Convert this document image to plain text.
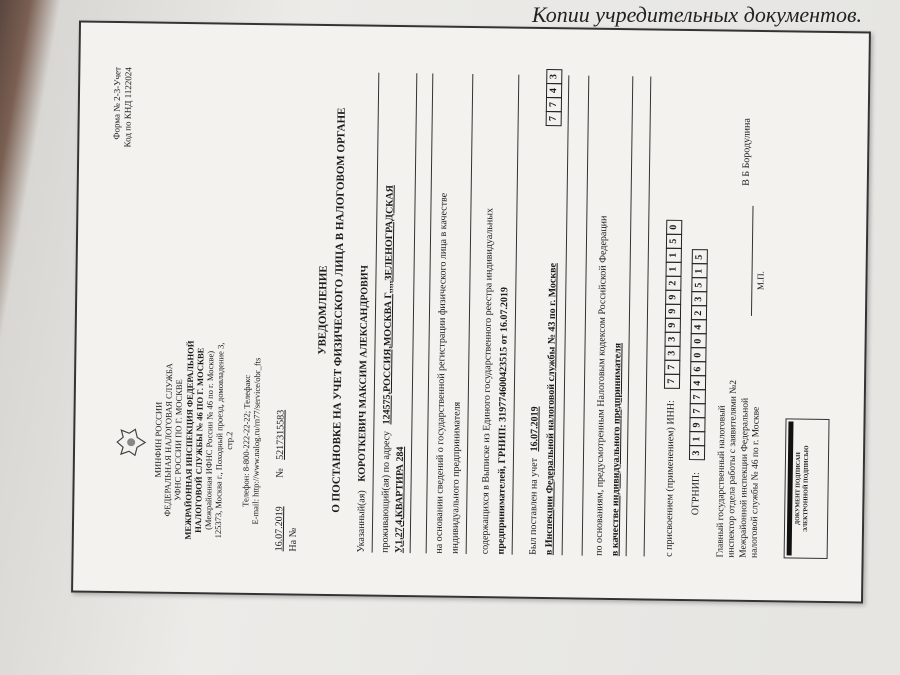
Копии учредительных документов.
Форма № 2-3-Учет Код по КНД 1122024
МИНФИН РОССИИ
ФЕДЕРАЛЬНАЯ НАЛОГОВАЯ СЛУЖБА
УФНС РОССИИ ПО Г. МОСКВЕ
МЕЖРАЙОННАЯ ИНСПЕКЦИЯ ФЕДЕРАЛЬНОЙ
НАЛОГОВОЙ СЛУЖБЫ № 46 ПО Г. МОСКВЕ
(Межрайонная ИФНС России № 46 по г. Москве)
125373, Москва г., Походный проезд, домовладение 3,
стр.2 Телефон: 8-800-222-22-22; Телефакс
E-mail: http://www.nalog.ru/rn77/service/obr_fts
16.07.2019 № 5217315583
На №
УВЕДОМЛЕНИЕ О ПОСТАНОВКЕ НА УЧЕТ ФИЗИЧЕСКОГО ЛИЦА В НАЛОГОВОМ ОРГАНЕ
Указанный(ая) КОРОТКЕВИЧ МАКСИМ АЛЕКСАНДРОВИЧ
проживающий(ая) по адресу 124575,РОССИЯ,МОСКВА Г,,,,,ЗЕЛЕНОГРАДСКАЯ
У,1,27,4,КВАРТИРА 284	на основании сведений о государственной регистрации физического лица в качестве индивидуального предпринимателя содержащихся в Выписке из Единого государственного реестра индивидуальных предпринимателей, ГРНИП: 319774600423515 от 16.07.2019 Был поставлен на учет 16.07.2019 в Инспекции Федеральной налоговой службы № 43 по г. Москве
7743
по основаниям, предусмотренным Налоговым кодексом Российской Федерации в качестве индивидуального предпринимателя	с присвоением (применением) ИНН: 773399921150
ОГРНИП: 319774600423515
Главный государственный налоговый инспектор отдела работы с заявителями №2
Межрайонной инспекции Федеральной налоговой службы № 46 по г. Москве
М.П.
В Б Бородулина
ДОКУМЕНТ ПОДПИСАН ЭЛЕКТРОННОЙ ПОДПИСЬЮ
